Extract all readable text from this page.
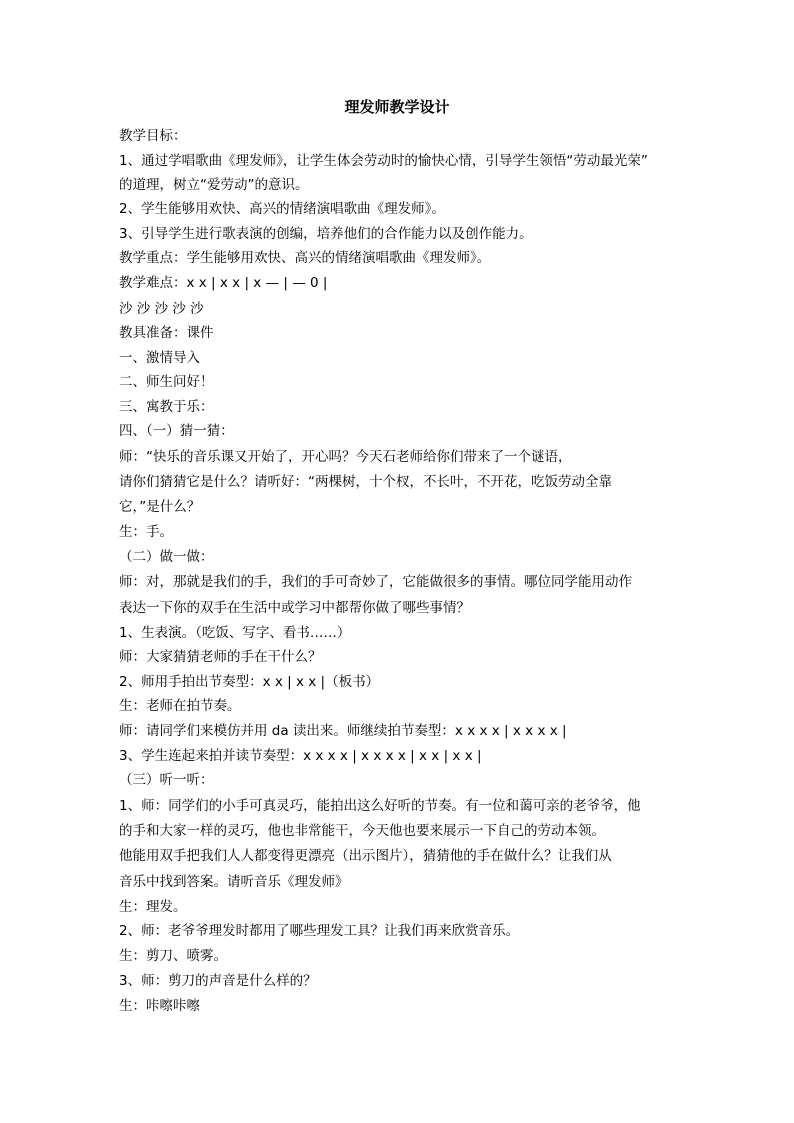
理发师教学设计
教学目标：
1、通过学唱歌曲《理发师》，让学生体会劳动时的愉快心情，引导学生领悟“劳动最光荣”
的道理，树立“爱劳动”的意识。
2、学生能够用欢快、高兴的情绪演唱歌曲《理发师》。
3、引导学生进行歌表演的创编，培养他们的合作能力以及创作能力。
教学重点：学生能够用欢快、高兴的情绪演唱歌曲《理发师》。
教学难点：x x | x x | x — | — 0 |
沙 沙 沙 沙 沙
教具准备：课件
一、激情导入
二、师生问好！
三、寓教于乐：
四、（一）猜一猜：
师：“快乐的音乐课又开始了，开心吗？今天石老师给你们带来了一个谜语，
请你们猜猜它是什么？请听好：“两棵树，十个杈，不长叶，不开花，吃饭劳动全靠
它，”是什么？
生：手。
（二）做一做：
师：对，那就是我们的手，我们的手可奇妙了，它能做很多的事情。哪位同学能用动作
表达一下你的双手在生活中或学习中都帮你做了哪些事情？
1、生表演。（吃饭、写字、看书……）
师：大家猜猜老师的手在干什么？
2、师用手拍出节奏型：x x | x x |（板书）
生：老师在拍节奏。
师：请同学们来模仿并用 da 读出来。师继续拍节奏型：x x x x | x x x x |
3、学生连起来拍并读节奏型：x x x x | x x x x | x x | x x |
（三）听一听：
1、师：同学们的小手可真灵巧，能拍出这么好听的节奏。有一位和蔼可亲的老爷爷，他
的手和大家一样的灵巧，他也非常能干，今天他也要来展示一下自己的劳动本领。
他能用双手把我们人人都变得更漂亮（出示图片），猜猜他的手在做什么？让我们从
音乐中找到答案。请听音乐《理发师》
生：理发。
2、师：老爷爷理发时都用了哪些理发工具？让我们再来欣赏音乐。
生：剪刀、喷雾。
3、师：剪刀的声音是什么样的？
生：咔嚓咔嚓
